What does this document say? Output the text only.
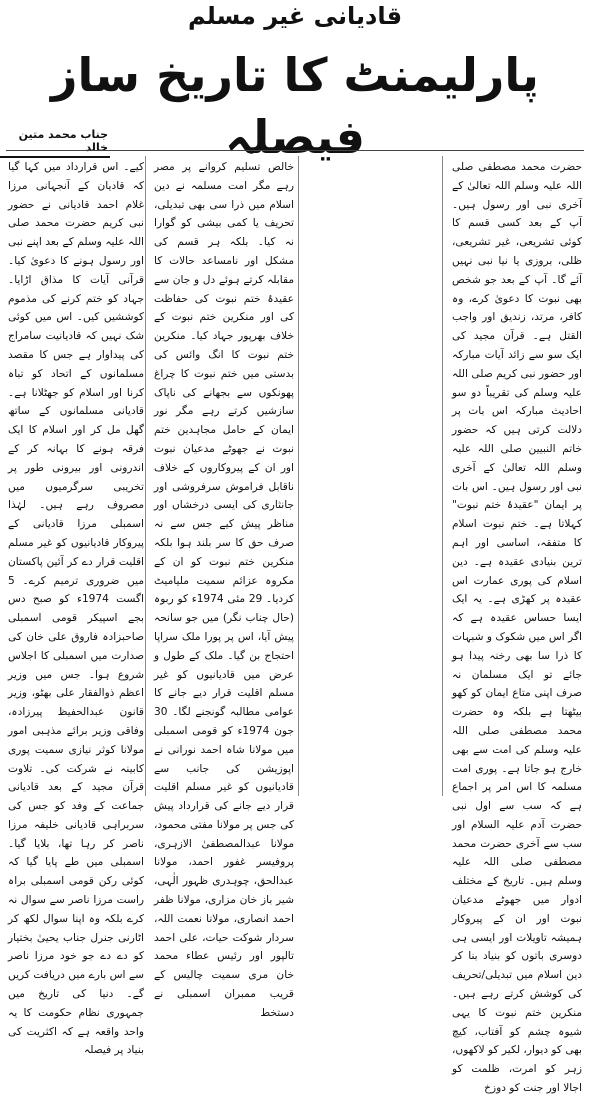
قادیانی غیر مسلم
پارلیمنٹ کا تاریخ ساز فیصلہ
جناب محمد متین خالد

حضرت محمد مصطفی صلی اللہ علیہ وسلم اللہ تعالیٰ کے آخری نبی اور رسول ہیں۔ آپ کے بعد کسی قسم کا کوئی تشریعی، غیر تشریعی، ظلی، بروزی یا نیا نبی نہیں آئے گا۔ آپ کے بعد جو شخص بھی نبوت کا دعویٰ کرے، وہ کافر، مرتد، زندیق اور واجب القتل ہے۔ قرآن مجید کی ایک سو سے زائد آیات مبارکہ اور حضور نبی کریم صلی اللہ علیہ وسلم کی تقریباً دو سو احادیث مبارکہ اس بات پر دلالت کرتی ہیں کہ حضور خاتم النبیین صلی اللہ علیہ وسلم اللہ تعالیٰ کے آخری نبی اور رسول ہیں۔ اس بات پر ایمان "عقیدۂ ختم نبوت" کہلاتا ہے۔ ختم نبوت اسلام کا متفقہ، اساسی اور اہم ترین بنیادی عقیدہ ہے۔ دین اسلام کی پوری عمارت اس عقیدہ پر کھڑی ہے۔ یہ ایک ایسا حساس عقیدہ ہے کہ اگر اس میں شکوک و شبہات کا ذرا سا بھی رخنہ پیدا ہو جائے تو ایک مسلمان نہ صرف اپنی متاع ایمان کو کھو بیٹھتا ہے بلکہ وہ حضرت محمد مصطفی صلی اللہ علیہ وسلم کی امت سے بھی خارج ہو جاتا ہے۔ پوری امت مسلمہ کا اس امر پر اجماع ہے کہ سب سے اول نبی حضرت آدم علیہ السلام اور سب سے آخری حضرت محمد مصطفی صلی اللہ علیہ وسلم ہیں۔ تاریخ کے مختلف ادوار میں جھوٹے مدعیان نبوت اور ان کے پیروکار ہمیشہ تاویلات اور ایسی ہی دوسری باتوں کو بنیاد بنا کر دین اسلام میں تبدیلی/تحریف کی کوشش کرتے رہے ہیں۔ منکرین ختم نبوت کا یہی شیوہ چشم کو آفتاب، کیچ بھی کو دیوار، لکیر کو لاکھوں، زہر کو امرت، ظلمت کو اجالا اور جنت کو دوزخ

خالص تسلیم کروانے پر مصر رہے مگر امت مسلمہ نے دین اسلام میں ذرا سی بھی تبدیلی، تحریف یا کمی بیشی کو گوارا نہ کیا۔ بلکہ ہر قسم کی مشکل اور نامساعد حالات کا مقابلہ کرتے ہوئے دل و جان سے عقیدۂ ختم نبوت کی حفاظت کی اور منکرین ختم نبوت کے خلاف بھرپور جہاد کیا۔ منکرین ختم نبوت کا انگ وائس کی بدستی میں ختم نبوت کا چراغ پھونکوں سے بجھانے کی ناپاک سازشیں کرتے رہے مگر نور ایمان کے حامل مجاہدین ختم نبوت نے جھوٹے مدعیان نبوت اور ان کے پیروکاروں کے خلاف ناقابل فراموش سرفروشی اور جانثاری کی ایسی درخشاں اور مناظر پیش کیے جس سے نہ صرف حق کا سر بلند ہوا بلکہ منکرین ختم نبوت کو ان کے مکروہ عزائم سمیت ملیامیٹ کردیا۔ 29 مئی 1974ء کو ربوہ (حال چناب نگر) میں جو سانحہ پیش آیا، اس پر پورا ملک سراپا احتجاج بن گیا۔ ملک کے طول و عرض میں قادیانیوں کو غیر مسلم اقلیت قرار دیے جانے کا عوامی مطالبہ گونجنے لگا۔ 30 جون 1974ء کو قومی اسمبلی میں مولانا شاہ احمد نورانی نے اپوزیشن کی جانب سے قادیانیوں کو غیر مسلم اقلیت قرار دیے جانے کی قرارداد پیش کی جس پر مولانا مفتی محمود، مولانا عبدالمصطفیٰ الازہری، پروفیسر غفور احمد، مولانا عبدالحق، چوہدری ظہور الٰہی، شیر باز خان مزاری، مولانا ظفر احمد انصاری، مولانا نعمت اللہ، سردار شوکت حیات، علی احمد تالپور اور رئیس عطاء محمد خان مری سمیت چالیس کے قریب ممبران اسمبلی نے دستخط

کیے۔ اس قرارداد میں کہا گیا کہ قادیان کے آنجہانی مرزا غلام احمد قادیانی نے حضور نبی کریم حضرت محمد صلی اللہ علیہ وسلم کے بعد اپنے نبی اور رسول ہونے کا دعویٰ کیا۔ قرآنی آیات کا مذاق اڑایا۔ جہاد کو ختم کرنے کی مذموم کوششیں کیں۔ اس میں کوئی شک نہیں کہ قادیانیت سامراج کی پیداوار ہے جس کا مقصد مسلمانوں کے اتحاد کو تباہ کرنا اور اسلام کو جھٹلانا ہے۔ قادیانی مسلمانوں کے ساتھ گھل مل کر اور اسلام کا ایک فرقہ ہونے کا بہانہ کر کے اندرونی اور بیرونی طور پر تخریبی سرگرمیوں میں مصروف رہے ہیں۔ لہٰذا اسمبلی مرزا قادیانی کے پیروکار قادیانیوں کو غیر مسلم اقلیت قرار دے کر آئین پاکستان میں ضروری ترمیم کرے۔ 5 اگست 1974ء کو صبح دس بجے اسپیکر قومی اسمبلی صاحبزادہ فاروق علی خان کی صدارت میں اسمبلی کا اجلاس شروع ہوا۔ جس میں وزیر اعظم ذوالفقار علی بھٹو، وزیر قانون عبدالحفیظ پیرزادہ، وفاقی وزیر برائے مذہبی امور مولانا کوثر نیازی سمیت پوری کابینہ نے شرکت کی۔ تلاوت قرآن مجید کے بعد قادیانی جماعت کے وفد کو جس کی سربراہی قادیانی خلیفہ مرزا ناصر کر رہا تھا، بلایا گیا۔ اسمبلی میں طے پایا گیا کہ کوئی رکن قومی اسمبلی براہ راست مرزا ناصر سے سوال نہ کرے بلکہ وہ اپنا سوال لکھ کر اٹارنی جنرل جناب یحییٰ بختیار کو دے دے جو خود مرزا ناصر سے اس بارے میں دریافت کریں گے۔ دنیا کی تاریخ میں جمہوری نظام حکومت کا یہ واحد واقعہ ہے کہ اکثریت کی بنیاد پر فیصلہ
